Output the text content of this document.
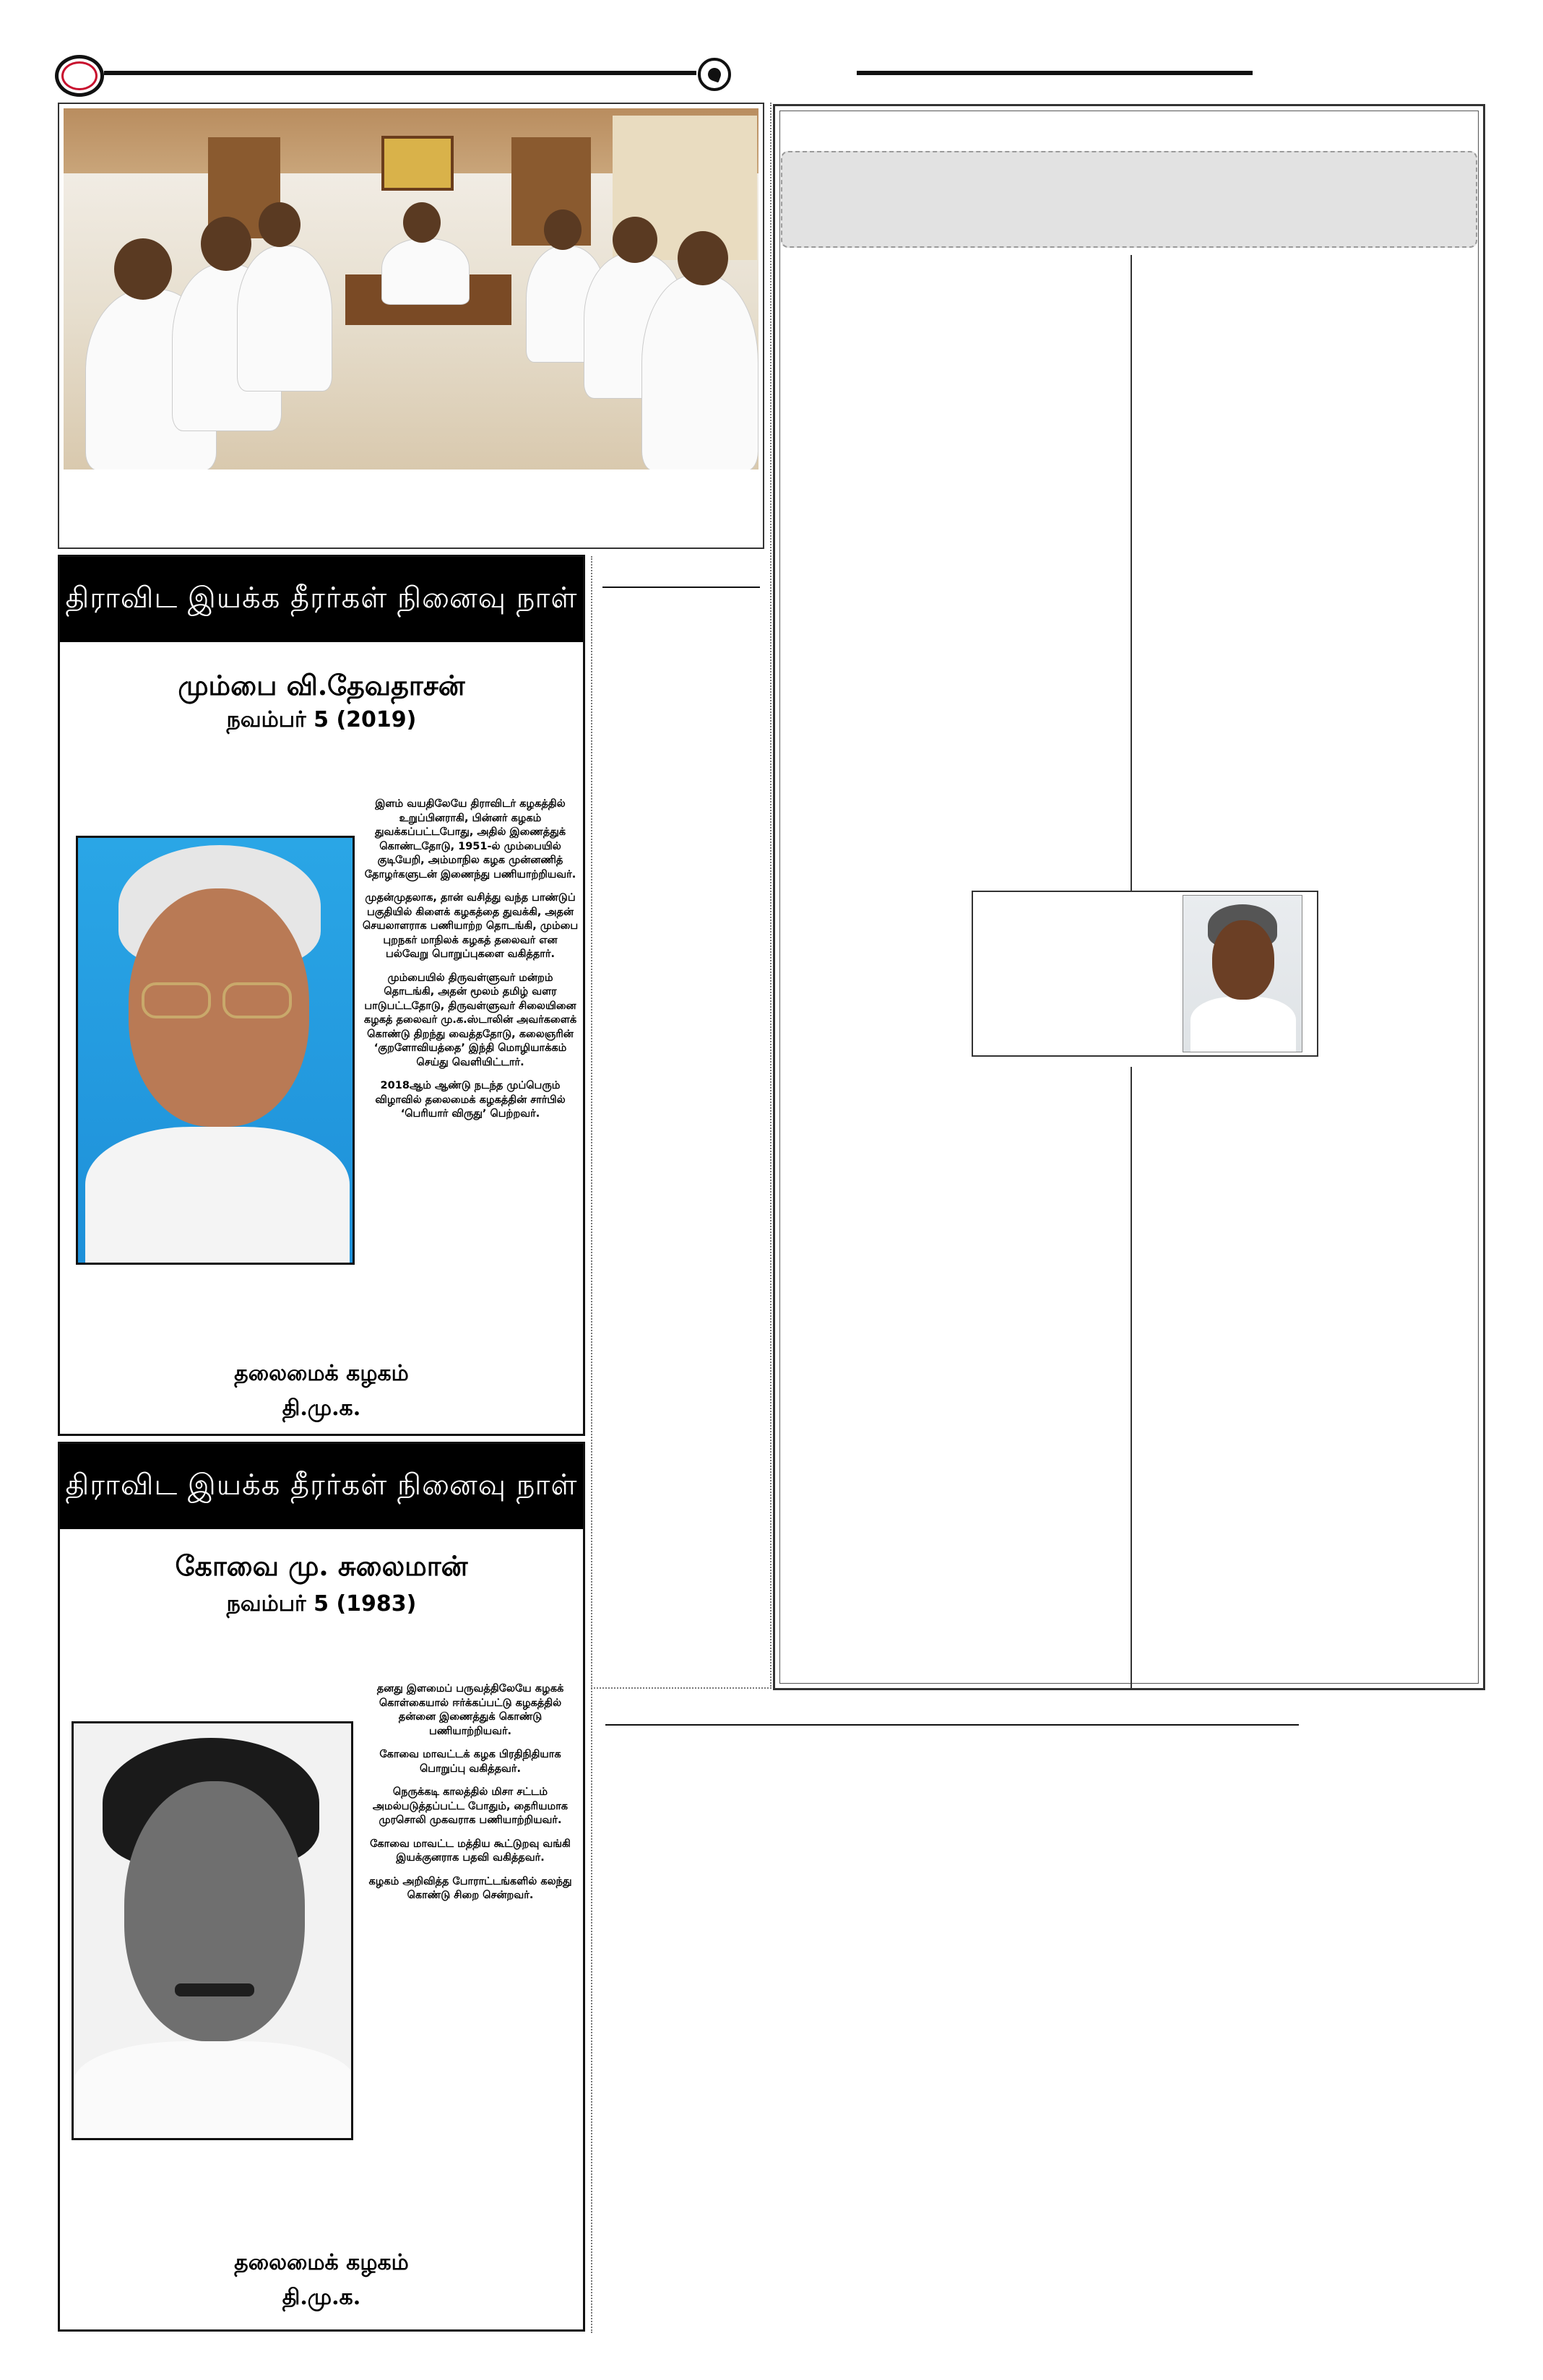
திராவிட இயக்க தீரர்கள் நினைவு நாள்
மும்பை வி.தேவதாசன்
நவம்பர் 5 (2019)

இளம் வயதிலேயே திராவிடர் கழகத்தில் உறுப்பினராகி, பின்னர் கழகம் துவக்கப்பட்டபோது, அதில் இணைத்துக் கொண்டதோடு, 1951-ல் மும்பையில் குடியேறி, அம்மாநில கழக முன்னணித் தோழர்களுடன் இணைந்து பணியாற்றியவர்.

முதன்முதலாக, தான் வசித்து வந்த பாண்டுப் பகுதியில் கிளைக் கழகத்தை துவக்கி, அதன் செயலாளராக பணியாற்ற தொடங்கி, மும்பை புறநகர் மாநிலக் கழகத் தலைவர் என பல்வேறு பொறுப்புகளை வகித்தார்.

மும்பையில் திருவள்ளுவர் மன்றம் தொடங்கி, அதன் மூலம் தமிழ் வளர பாடுபட்டதோடு, திருவள்ளுவர் சிலையினை கழகத் தலைவர் மு.க.ஸ்டாலின் அவர்களைக் கொண்டு திறந்து வைத்ததோடு, கலைஞரின் ‘குறளோவியத்தை’ இந்தி மொழியாக்கம் செய்து வெளியிட்டார்.

2018ஆம் ஆண்டு நடந்த முப்பெரும் விழாவில் தலைமைக் கழகத்தின் சார்பில் ‘பெரியார் விருது’ பெற்றவர்.

தலைமைக் கழகம்
தி.மு.க.
திராவிட இயக்க தீரர்கள் நினைவு நாள்
கோவை மு. சுலைமான்
நவம்பர் 5 (1983)

தனது இளமைப் பருவத்திலேயே கழகக் கொள்கையால் ஈர்க்கப்பட்டு கழகத்தில் தன்னை இணைத்துக் கொண்டு பணியாற்றியவர்.

கோவை மாவட்டக் கழக பிரதிநிதியாக பொறுப்பு வகித்தவர்.

நெருக்கடி காலத்தில் மிசா சட்டம் அமல்படுத்தப்பட்ட போதும், தைரியமாக முரசொலி முகவராக பணியாற்றியவர்.

கோவை மாவட்ட மத்திய கூட்டுறவு வங்கி இயக்குனராக பதவி வகித்தவர்.

கழகம் அறிவித்த போராட்டங்களில் கலந்து கொண்டு சிறை சென்றவர்.

தலைமைக் கழகம்
தி.மு.க.
